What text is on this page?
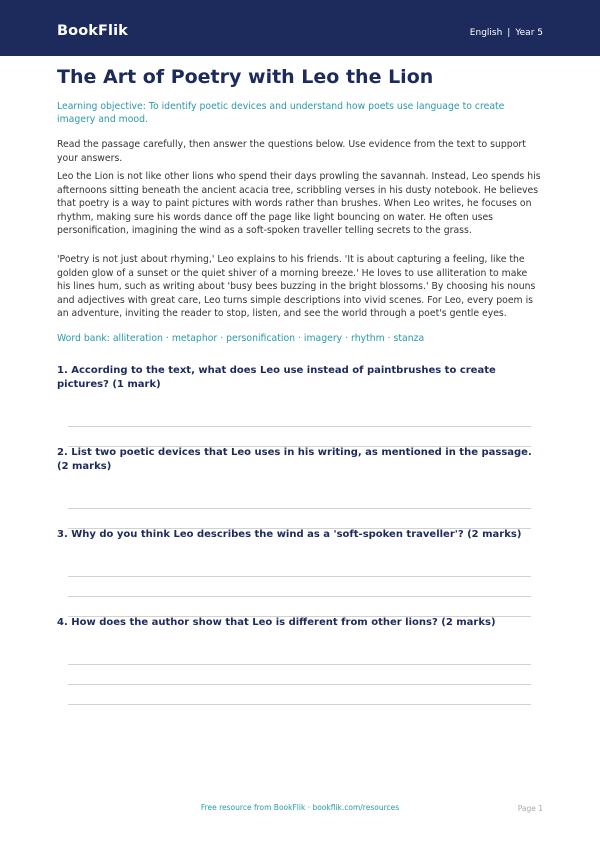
BookFlik	English | Year 5
The Art of Poetry with Leo the Lion

Learning objective: To identify poetic devices and understand how poets use language to create imagery and mood.

Read the passage carefully, then answer the questions below. Use evidence from the text to support your answers.

Leo the Lion is not like other lions who spend their days prowling the savannah. Instead, Leo spends his afternoons sitting beneath the ancient acacia tree, scribbling verses in his dusty notebook. He believes that poetry is a way to paint pictures with words rather than brushes. When Leo writes, he focuses on rhythm, making sure his words dance off the page like light bouncing on water. He often uses personification, imagining the wind as a soft-spoken traveller telling secrets to the grass.

'Poetry is not just about rhyming,' Leo explains to his friends. 'It is about capturing a feeling, like the golden glow of a sunset or the quiet shiver of a morning breeze.' He loves to use alliteration to make his lines hum, such as writing about 'busy bees buzzing in the bright blossoms.' By choosing his nouns and adjectives with great care, Leo turns simple descriptions into vivid scenes. For Leo, every poem is an adventure, inviting the reader to stop, listen, and see the world through a poet's gentle eyes.

Word bank: alliteration · metaphor · personification · imagery · rhythm · stanza

1. According to the text, what does Leo use instead of paintbrushes to create pictures? (1 mark)

2. List two poetic devices that Leo uses in his writing, as mentioned in the passage. (2 marks)

3. Why do you think Leo describes the wind as a 'soft-spoken traveller'? (2 marks)

4. How does the author show that Leo is different from other lions? (2 marks)

Free resource from BookFlik · bookflik.com/resources	Page 1
